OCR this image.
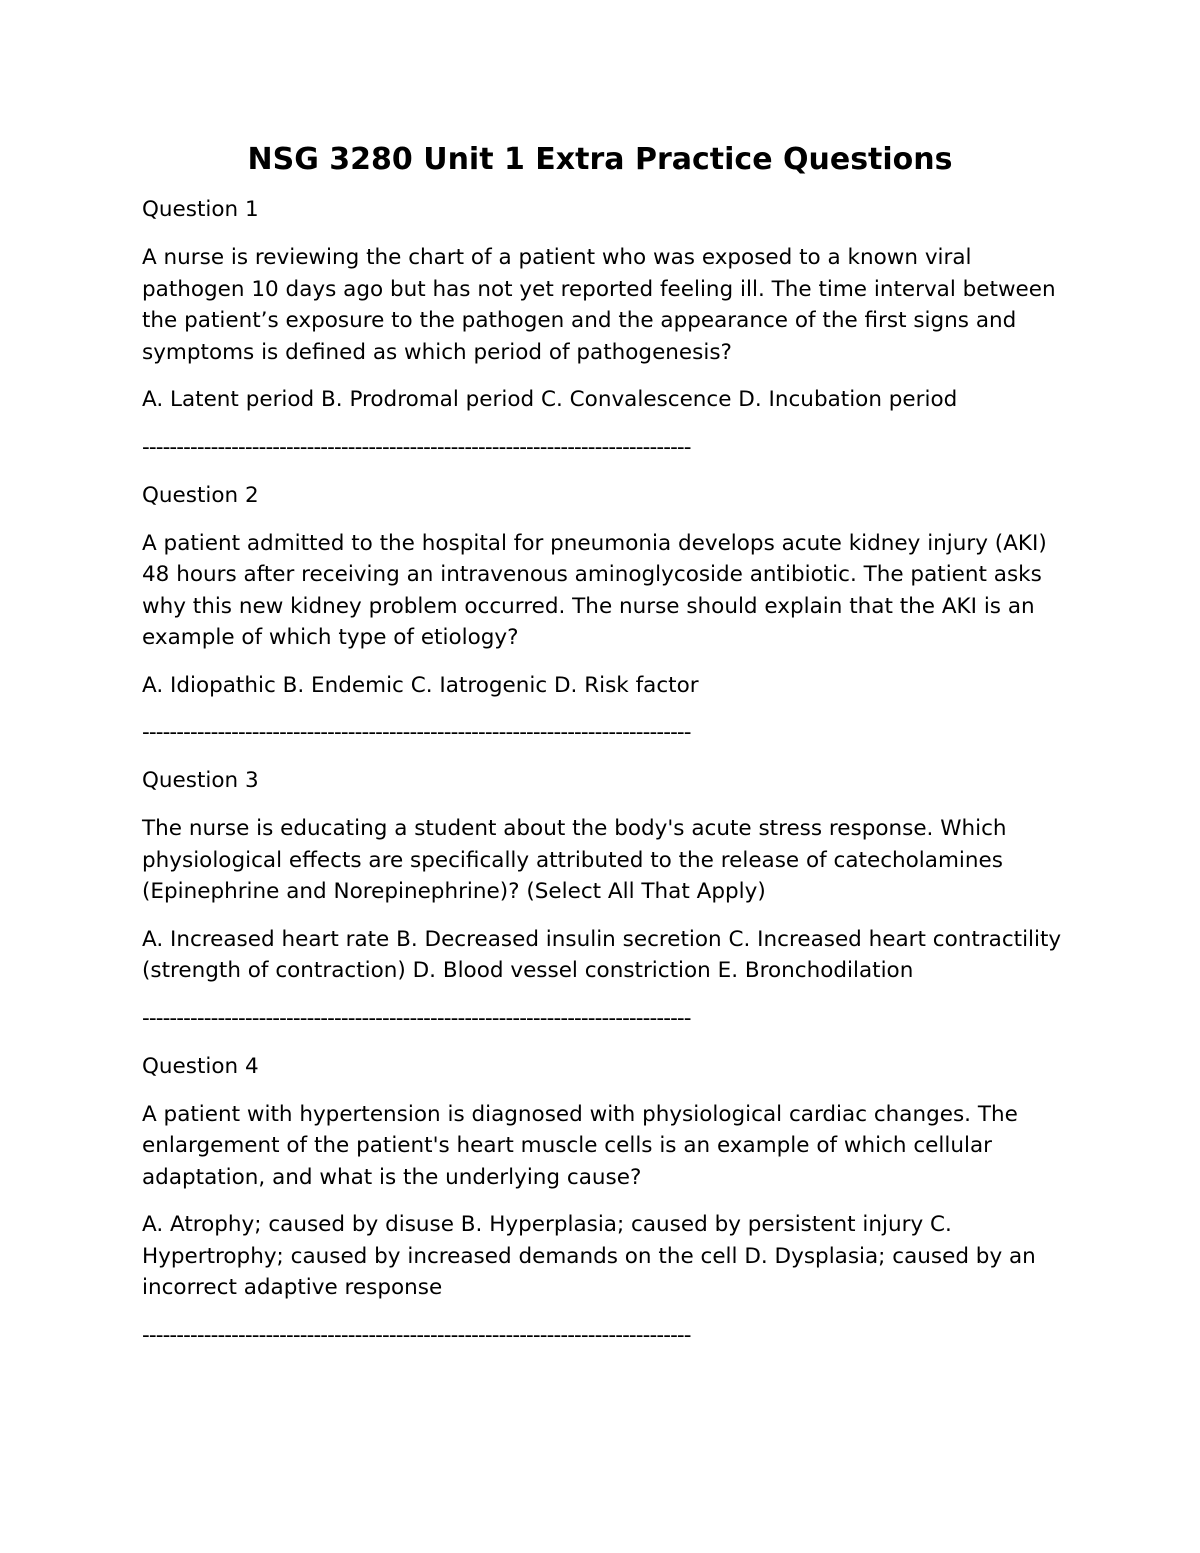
NSG 3280 Unit 1 Extra Practice Questions

Question 1

A nurse is reviewing the chart of a patient who was exposed to a known viral pathogen 10 days ago but has not yet reported feeling ill. The time interval between the patient’s exposure to the pathogen and the appearance of the first signs and symptoms is defined as which period of pathogenesis?

A. Latent period B. Prodromal period C. Convalescence D. Incubation period

--------------------------------------------------------------------------------

Question 2

A patient admitted to the hospital for pneumonia develops acute kidney injury (AKI) 48 hours after receiving an intravenous aminoglycoside antibiotic. The patient asks why this new kidney problem occurred. The nurse should explain that the AKI is an example of which type of etiology?

A. Idiopathic B. Endemic C. Iatrogenic D. Risk factor

--------------------------------------------------------------------------------

Question 3

The nurse is educating a student about the body's acute stress response. Which physiological effects are specifically attributed to the release of catecholamines (Epinephrine and Norepinephrine)? (Select All That Apply)

A. Increased heart rate B. Decreased insulin secretion C. Increased heart contractility (strength of contraction) D. Blood vessel constriction E. Bronchodilation

--------------------------------------------------------------------------------

Question 4

A patient with hypertension is diagnosed with physiological cardiac changes. The enlargement of the patient's heart muscle cells is an example of which cellular adaptation, and what is the underlying cause?

A. Atrophy; caused by disuse B. Hyperplasia; caused by persistent injury C. Hypertrophy; caused by increased demands on the cell D. Dysplasia; caused by an incorrect adaptive response

--------------------------------------------------------------------------------
